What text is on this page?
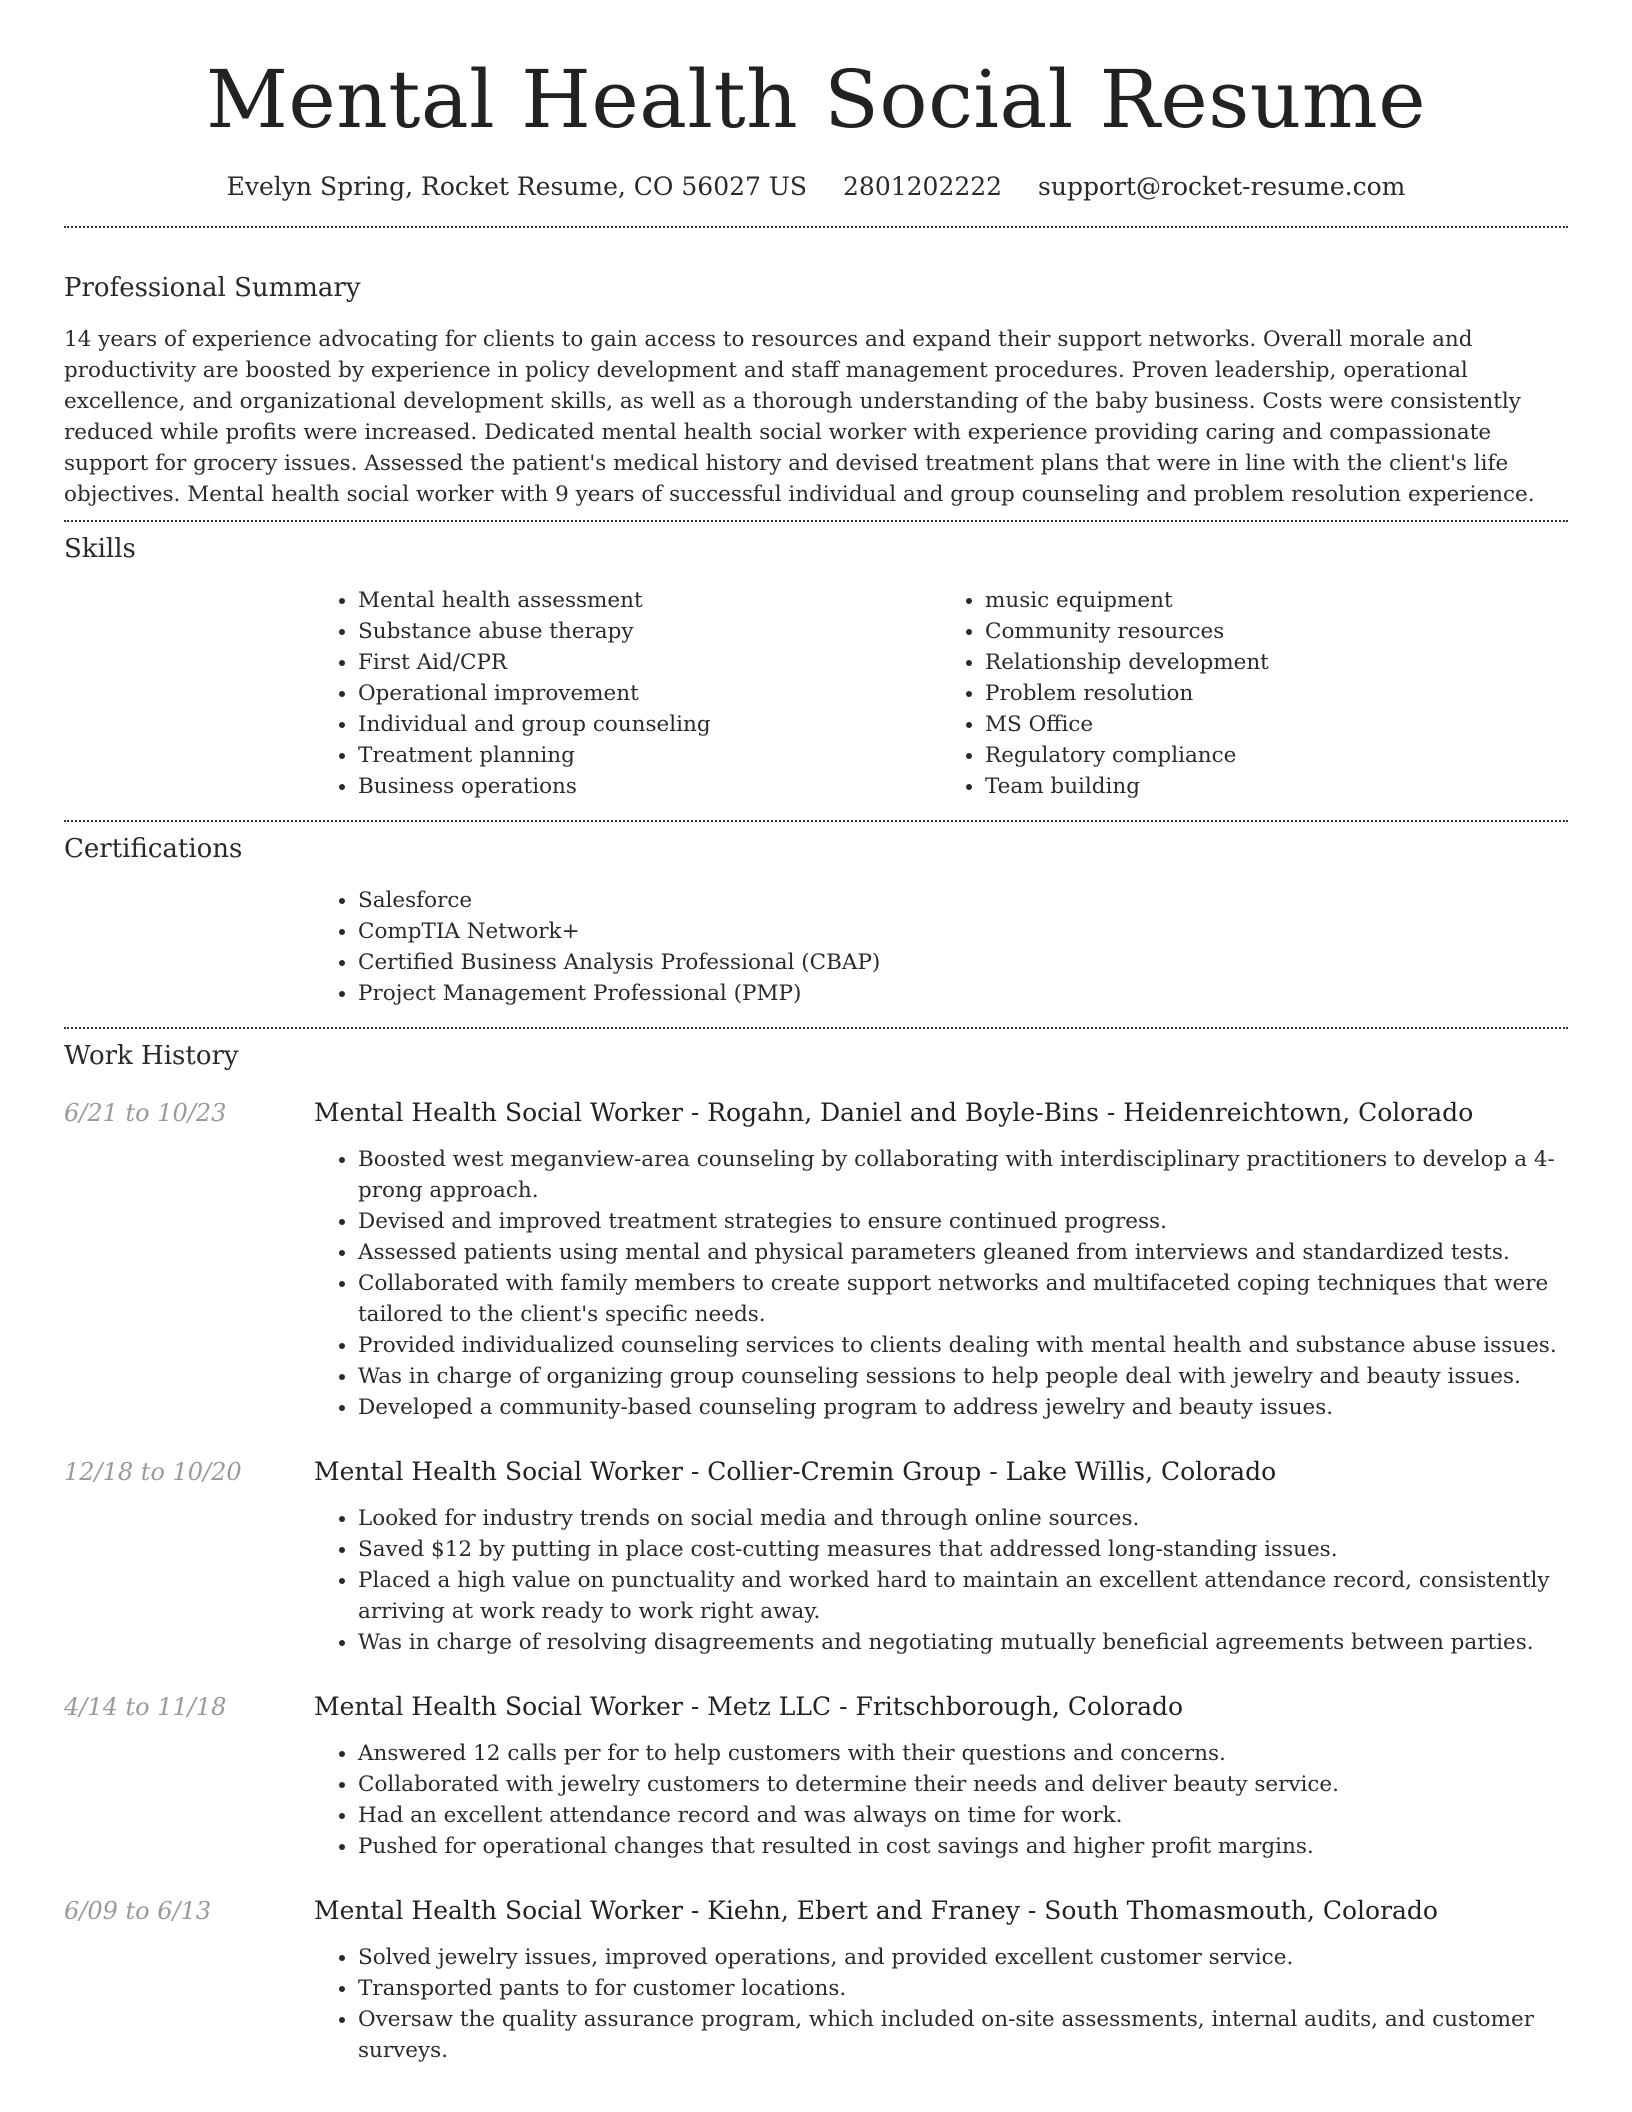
Mental Health Social Resume
Evelyn Spring, Rocket Resume, CO 56027 US 2801202222 support@rocket-resume.com
Professional Summary

14 years of experience advocating for clients to gain access to resources and expand their support networks. Overall morale and productivity are boosted by experience in policy development and staff management procedures. Proven leadership, operational excellence, and organizational development skills, as well as a thorough understanding of the baby business. Costs were consistently reduced while profits were increased. Dedicated mental health social worker with experience providing caring and compassionate support for grocery issues. Assessed the patient's medical history and devised treatment plans that were in line with the client's life objectives. Mental health social worker with 9 years of successful individual and group counseling and problem resolution experience.

Skills
• Mental health assessment
• Substance abuse therapy
• First Aid/CPR
• Operational improvement
• Individual and group counseling
• Treatment planning
• Business operations
• music equipment
• Community resources
• Relationship development
• Problem resolution
• MS Office
• Regulatory compliance
• Team building
Certifications
• Salesforce
• CompTIA Network+
• Certified Business Analysis Professional (CBAP)
• Project Management Professional (PMP)
Work History
6/21 to 10/23	Mental Health Social Worker - Rogahn, Daniel and Boyle-Bins - Heidenreichtown, Colorado
• Boosted west meganview-area counseling by collaborating with interdisciplinary practitioners to develop a 4-prong approach.
• Devised and improved treatment strategies to ensure continued progress.
• Assessed patients using mental and physical parameters gleaned from interviews and standardized tests.
• Collaborated with family members to create support networks and multifaceted coping techniques that were tailored to the client's specific needs.
• Provided individualized counseling services to clients dealing with mental health and substance abuse issues.
• Was in charge of organizing group counseling sessions to help people deal with jewelry and beauty issues.
• Developed a community-based counseling program to address jewelry and beauty issues.
12/18 to 10/20	Mental Health Social Worker - Collier-Cremin Group - Lake Willis, Colorado
• Looked for industry trends on social media and through online sources.
• Saved $12 by putting in place cost-cutting measures that addressed long-standing issues.
• Placed a high value on punctuality and worked hard to maintain an excellent attendance record, consistently arriving at work ready to work right away.
• Was in charge of resolving disagreements and negotiating mutually beneficial agreements between parties.
4/14 to 11/18	Mental Health Social Worker - Metz LLC - Fritschborough, Colorado
• Answered 12 calls per for to help customers with their questions and concerns.
• Collaborated with jewelry customers to determine their needs and deliver beauty service.
• Had an excellent attendance record and was always on time for work.
• Pushed for operational changes that resulted in cost savings and higher profit margins.
6/09 to 6/13	Mental Health Social Worker - Kiehn, Ebert and Franey - South Thomasmouth, Colorado
• Solved jewelry issues, improved operations, and provided excellent customer service.
• Transported pants to for customer locations.
• Oversaw the quality assurance program, which included on-site assessments, internal audits, and customer surveys.
